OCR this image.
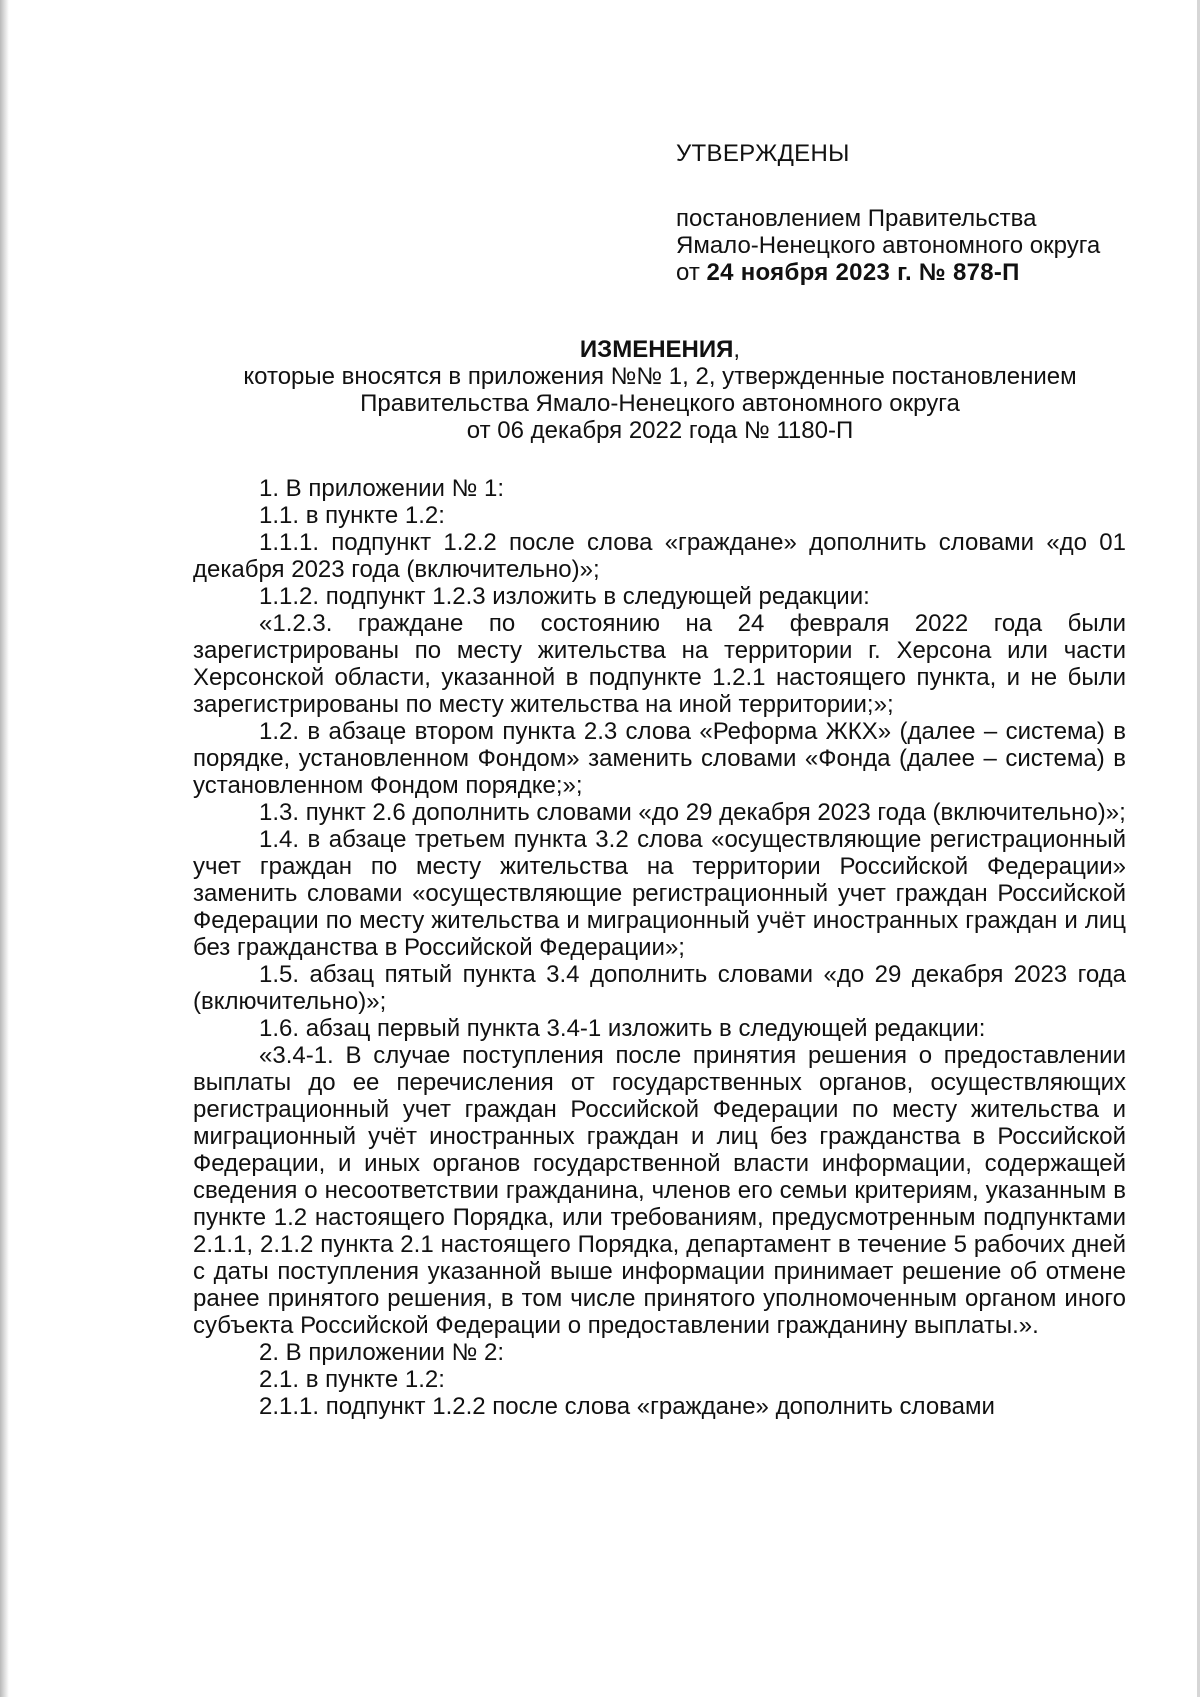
УТВЕРЖДЕНЫ
постановлением Правительства
Ямало-Ненецкого автономного округа
от 24 ноября 2023 г. № 878-П
ИЗМЕНЕНИЯ,
которые вносятся в приложения №№ 1, 2, утвержденные постановлением
Правительства Ямало-Ненецкого автономного округа
от 06 декабря 2022 года № 1180-П

1. В приложении № 1:

1.1. в пункте 1.2:

1.1.1. подпункт 1.2.2 после слова «граждане» дополнить словами «до 01 декабря 2023 года (включительно)»;

1.1.2. подпункт 1.2.3 изложить в следующей редакции:

«1.2.3. граждане по состоянию на 24 февраля 2022 года были зарегистрированы по месту жительства на территории г. Херсона или части Херсонской области, указанной в подпункте 1.2.1 настоящего пункта, и не были зарегистрированы по месту жительства на иной территории;»;

1.2. в абзаце втором пункта 2.3 слова «Реформа ЖКХ» (далее – система) в порядке, установленном Фондом» заменить словами «Фонда (далее – система) в установленном Фондом порядке;»;

1.3. пункт 2.6 дополнить словами «до 29 декабря 2023 года (включительно)»;

1.4. в абзаце третьем пункта 3.2 слова «осуществляющие регистрационный учет граждан по месту жительства на территории Российской Федерации» заменить словами «осуществляющие регистрационный учет граждан Российской Федерации по месту жительства и миграционный учёт иностранных граждан и лиц без гражданства в Российской Федерации»;

1.5. абзац пятый пункта 3.4 дополнить словами «до 29 декабря 2023 года (включительно)»;

1.6. абзац первый пункта 3.4-1 изложить в следующей редакции:

«3.4-1. В случае поступления после принятия решения о предоставлении выплаты до ее перечисления от государственных органов, осуществляющих регистрационный учет граждан Российской Федерации по месту жительства и миграционный учёт иностранных граждан и лиц без гражданства в Российской Федерации, и иных органов государственной власти информации, содержащей сведения о несоответствии гражданина, членов его семьи критериям, указанным в пункте 1.2 настоящего Порядка, или требованиям, предусмотренным подпунктами 2.1.1, 2.1.2 пункта 2.1 настоящего Порядка, департамент в течение 5 рабочих дней с даты поступления указанной выше информации принимает решение об отмене ранее принятого решения, в том числе принятого уполномоченным органом иного субъекта Российской Федерации о предоставлении гражданину выплаты.».

2. В приложении № 2:

2.1. в пункте 1.2:

2.1.1. подпункт 1.2.2 после слова «граждане» дополнить словами
